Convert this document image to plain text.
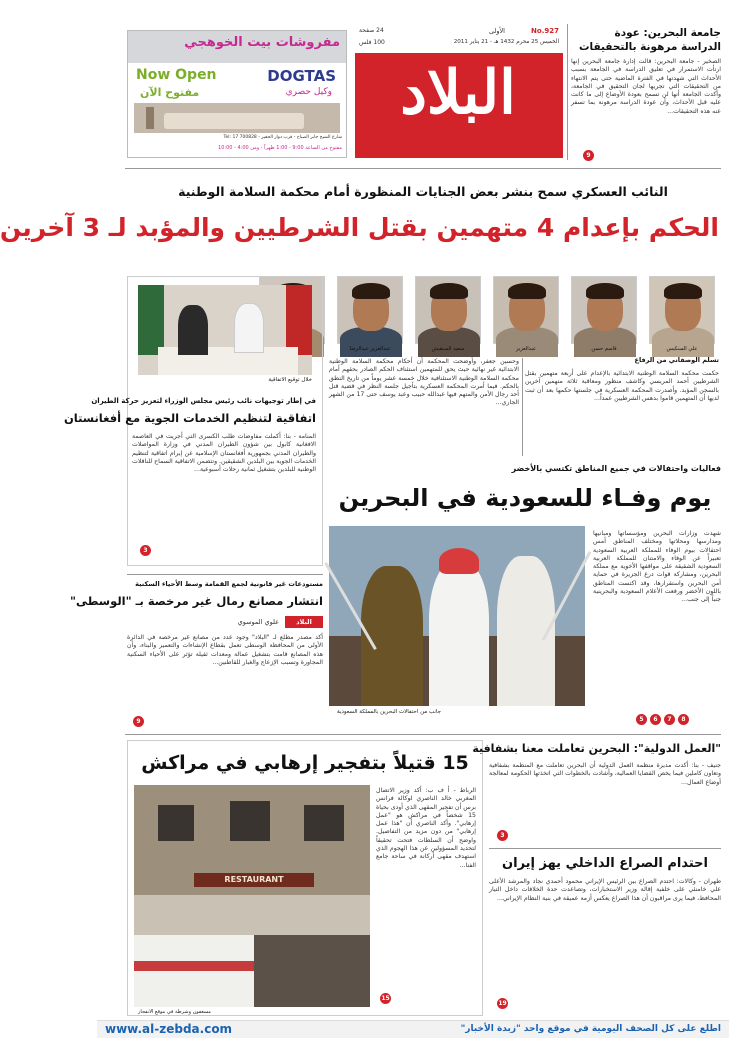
جامعة البحرين: عودة الدراسة مرهونة بالتحقيقات
الصخير - جامعة البحرين: قالت إدارة جامعة البحرين إنها ارتأت الاستمرار في تعليق الدراسة في الجامعة بسبب الأحداث التي شهدتها في الفترة الماضية حتى يتم الانتهاء من التحقيقات التي تجريها لجان التحقيق في الجامعة، وأكدت الجامعة أنها لن تسمح بعودة الأوضاع إلى ما كانت عليه قبل الأحداث، وأن عودة الدراسة مرهونة بما تسفر عنه هذه التحقيقات...
9
البلاد
No.927
الأولى
24 صفحة
100 فلس	الخميس 25 محرم 1432 هـ - 21 يناير 2011
مفروشات بيت الخوهجي
DOGTAS
وكيل حصري
Now Open
مفتوح الآن
شارع الشيخ جابر الصباح - قرب دوار الجفير - Tel: 17 700828
مفتوح من الساعة 9:00 - 1:00 ظهراً - ومن 4:00 - 10:00
النائب العسكري سمح بنشر بعض الجنايات المنظورة أمام محكمة السلامة الوطنية
الحكم بإعدام 4 متهمين بقتل الشرطيين والمؤبد لـ 3 آخرين
علي السنكيس
قاسم حسن
عبدالعزيز
سعيد السنقيش
عبدالعزيز عبدالرضا
تسلم الوصفاني من الرفاع
حكمت محكمة السلامة الوطنية الابتدائية بالإعدام على أربعة متهمين بقتل الشرطيين أحمد المريسي وكاشف منظور ومعاقبة ثلاثة متهمين آخرين بالسجن المؤبد. وأصدرت المحكمة العسكرية في جلستها حكمها بعد أن ثبت لديها أن المتهمين قاموا بدهس الشرطيين عمداً...
وحسين جعفر، وأوضحت المحكمة أن أحكام محكمة السلامة الوطنية الابتدائية غير نهائية حيث يحق للمتهمين استئناف الحكم الصادر بحقهم أمام محكمة السلامة الوطنية الاستئنافية خلال خمسة عشر يوماً من تاريخ النطق بالحكم. فيما أمرت المحكمة العسكرية بتأجيل جلسة النظر في قضية قتل أحد رجال الأمن والمتهم فيها عبدالله حبيب وعبد يوسف حتى 17 من الشهر الجاري...
خلال توقيع الاتفاقية
في إطار توجيهات نائب رئيس مجلس الوزراء لتعزيز حركة الطيران
اتفاقية لتنظيم الخدمات الجوية مع أفغانستان
المنامة - بنا: أكملت مفاوضات طلب الكسرى التي أجريت في العاصمة الافغانية كابول بين شؤون الطيران المدني في وزارة المواصلات والطيران المدني بجمهورية أفغانستان الإسلامية عن إبرام اتفاقية لتنظيم الخدمات الجوية بين البلدين الشقيقين. وتتضمن الاتفاقية السماح للناقلات الوطنية للبلدين بتشغيل ثمانية رحلات أسبوعية...
3
فعاليات واحتفالات في جميع المناطق تكتسي بالأخضر
يوم وفـاء للسعودية في البحرين
شهدت وزارات البحرين ومؤسساتها ومبانيها ومدارسها ومحلاتها ومختلف المناطق أمس احتفالات بيوم الوفاء للمملكة العربية السعودية تعبيراً عن الوفاء والامتنان للمملكة العربية السعودية الشقيقة على مواقفها الأخوية مع مملكة البحرين، ومشاركة قوات درع الجزيرة في حماية أمن البحرين واستقرارها، وقد اكتست المناطق باللون الأخضر ورفعت الأعلام السعودية والبحرينية جنباً إلى جنب...
جانب من احتفالات البحرين بالمملكة السعودية
8
7
6
5
مستودعات غير قانونية لجمع القمامة وسط الأحياء السكنية
انتشار مصانع رمال غير مرخصة بـ "الوسطى"
البلاد
علوي الموسوي
أكد مصدر مطلع لـ "البلاد" وجود عدد من مصانع غير مرخصة في الدائرة الأولى من المحافظة الوسطى تعمل بقطاع الإنشاءات والتعمير والبناء، وأن هذه المصانع قامت بتشغيل عمالة ومعدات ثقيلة تؤثر على الأحياء السكنية المجاورة وتسبب الإزعاج والغبار للقاطنين...
9
15 قتيلاً بتفجير إرهابي في مراكش
الرباط - أ ف ب: أكد وزير الاتصال المغربي خالد الناصري لوكالة فرانس برس أن تفجير المقهى الذي أودى بحياة 15 شخصاً في مراكش هو "عمل إرهابي". وأكد الناصري أن "هذا عمل إرهابي" من دون مزيد من التفاصيل. واوضح أن السلطات فتحت تحقيقاً لتحديد المسؤولين عن هذا الهجوم الذي استهدف مقهى أركانة في ساحة جامع الفنا...
RESTAURANT
مسعفون وشرطة في موقع الانفجار
15
"العمل الدولية": البحرين تعاملت معنا بشفافية
جنيف - بنا: أكدت مديرة منظمة العمل الدولية أن البحرين تعاملت مع المنظمة بشفافية وتعاون كاملين فيما يخص القضايا العمالية، وأشادت بالخطوات التي اتخذتها الحكومة لمعالجة أوضاع العمال...
3
احتدام الصراع الداخلي يهز إيران
طهران - وكالات: احتدم الصراع بين الرئيس الإيراني محمود أحمدي نجاد والمرشد الأعلى علي خامنئي على خلفية إقالة وزير الاستخبارات، وتصاعدت حدة الخلافات داخل التيار المحافظ، فيما يرى مراقبون أن هذا الصراع يعكس أزمة عميقة في بنية النظام الإيراني...
19
www.al-zebda.com	اطلع على كل الصحف اليومية في موقع واحد "زبدة الأخبار"
